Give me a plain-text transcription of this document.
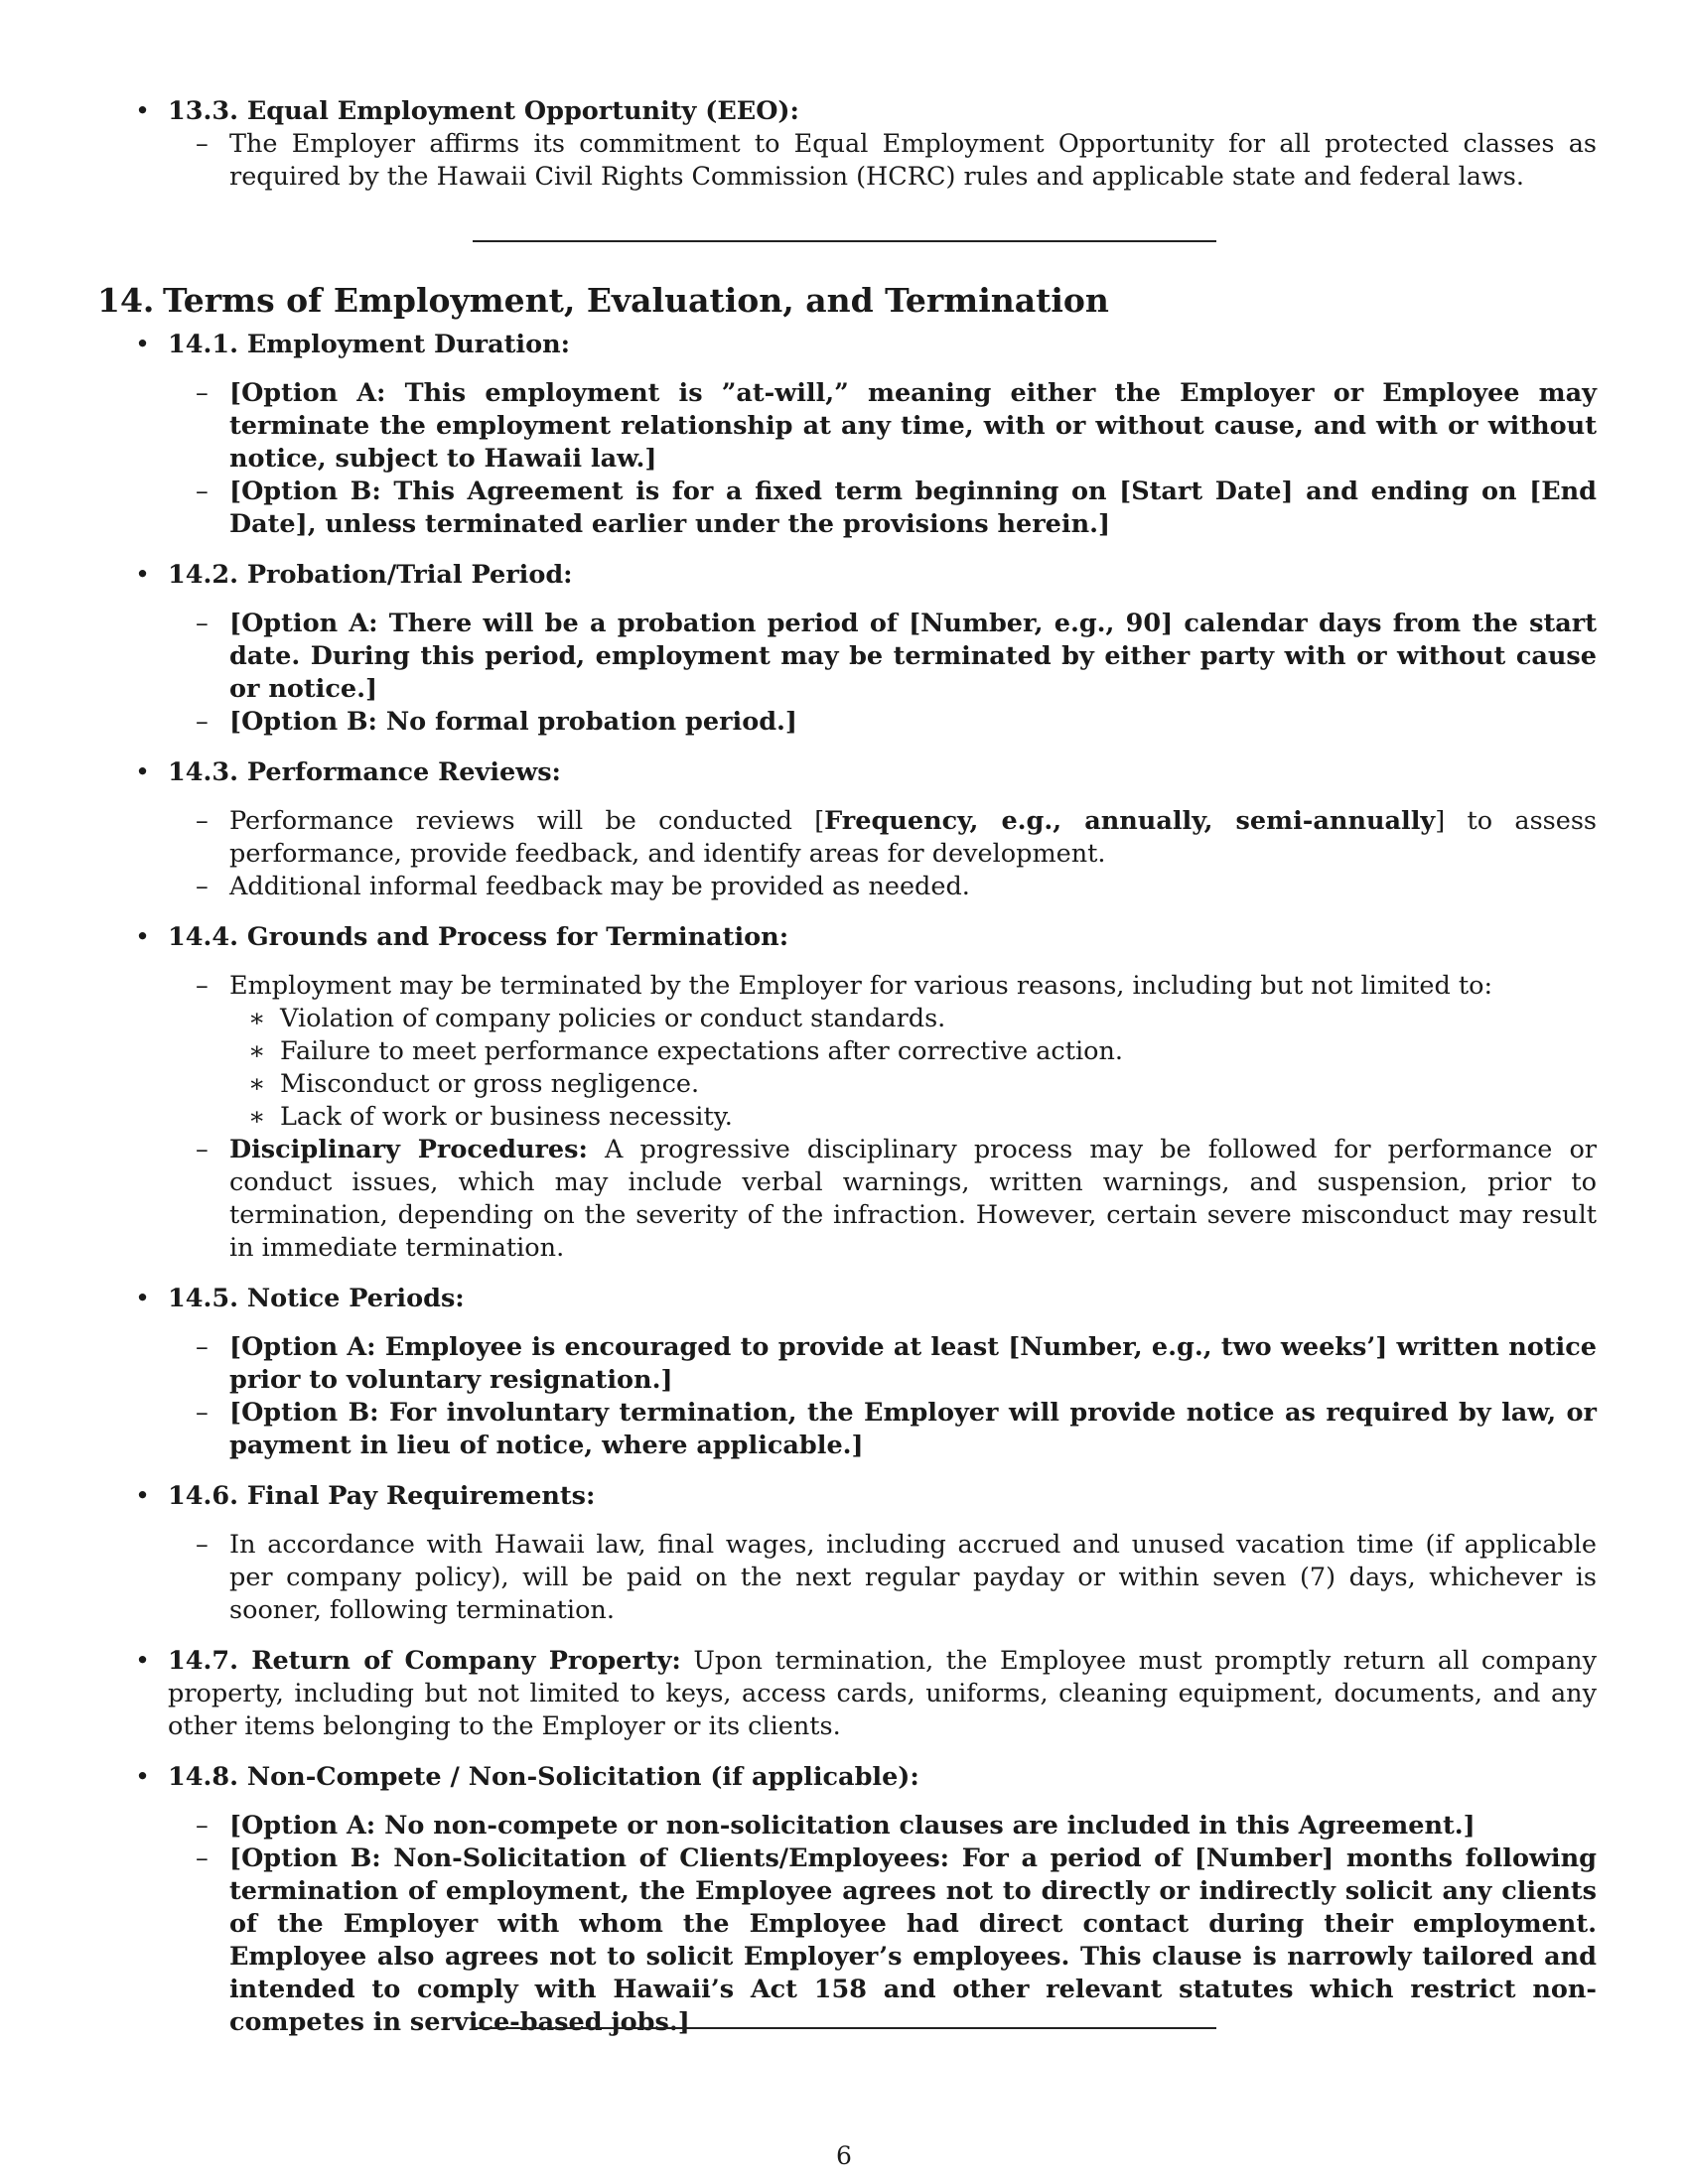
• 13.3. Equal Employment Opportunity (EEO):
– The Employer affirms its commitment to Equal Employment Opportunity for all protected classes as required by the Hawaii Civil Rights Commission (HCRC) rules and applicable state and federal laws.
14. Terms of Employment, Evaluation, and Termination
• 14.1. Employment Duration:
– [Option A: This employment is ”at-will,” meaning either the Employer or Employee may terminate the employment relationship at any time, with or without cause, and with or without notice, subject to Hawaii law.]
– [Option B: This Agreement is for a fixed term beginning on [Start Date] and ending on [End Date], unless terminated earlier under the provisions herein.]
• 14.2. Probation/Trial Period:
– [Option A: There will be a probation period of [Number, e.g., 90] calendar days from the start date. During this period, employment may be terminated by either party with or without cause or notice.]
– [Option B: No formal probation period.]
• 14.3. Performance Reviews:
– Performance reviews will be conducted [Frequency, e.g., annually, semi-annually] to assess performance, provide feedback, and identify areas for development.
– Additional informal feedback may be provided as needed.
• 14.4. Grounds and Process for Termination:
– Employment may be terminated by the Employer for various reasons, including but not limited to:
∗ Violation of company policies or conduct standards.
∗ Failure to meet performance expectations after corrective action.
∗ Misconduct or gross negligence.
∗ Lack of work or business necessity.
– Disciplinary Procedures: A progressive disciplinary process may be followed for performance or conduct issues, which may include verbal warnings, written warnings, and suspension, prior to termination, depending on the severity of the infraction. However, certain severe misconduct may result in immediate termination.
• 14.5. Notice Periods:
– [Option A: Employee is encouraged to provide at least [Number, e.g., two weeks’] written notice prior to voluntary resignation.]
– [Option B: For involuntary termination, the Employer will provide notice as required by law, or payment in lieu of notice, where applicable.]
• 14.6. Final Pay Requirements:
– In accordance with Hawaii law, final wages, including accrued and unused vacation time (if applicable per company policy), will be paid on the next regular payday or within seven (7) days, whichever is sooner, following termination.
• 14.7. Return of Company Property: Upon termination, the Employee must promptly return all company property, including but not limited to keys, access cards, uniforms, cleaning equipment, documents, and any other items belonging to the Employer or its clients.
• 14.8. Non-Compete / Non-Solicitation (if applicable):
– [Option A: No non-compete or non-solicitation clauses are included in this Agreement.]
– [Option B: Non-Solicitation of Clients/Employees: For a period of [Number] months following termination of employment, the Employee agrees not to directly or indirectly solicit any clients of the Employer with whom the Employee had direct contact during their employment. Employee also agrees not to solicit Employer’s employees. This clause is narrowly tailored and intended to comply with Hawaii’s Act 158 and other relevant statutes which restrict non-competes in service-based jobs.]
6
